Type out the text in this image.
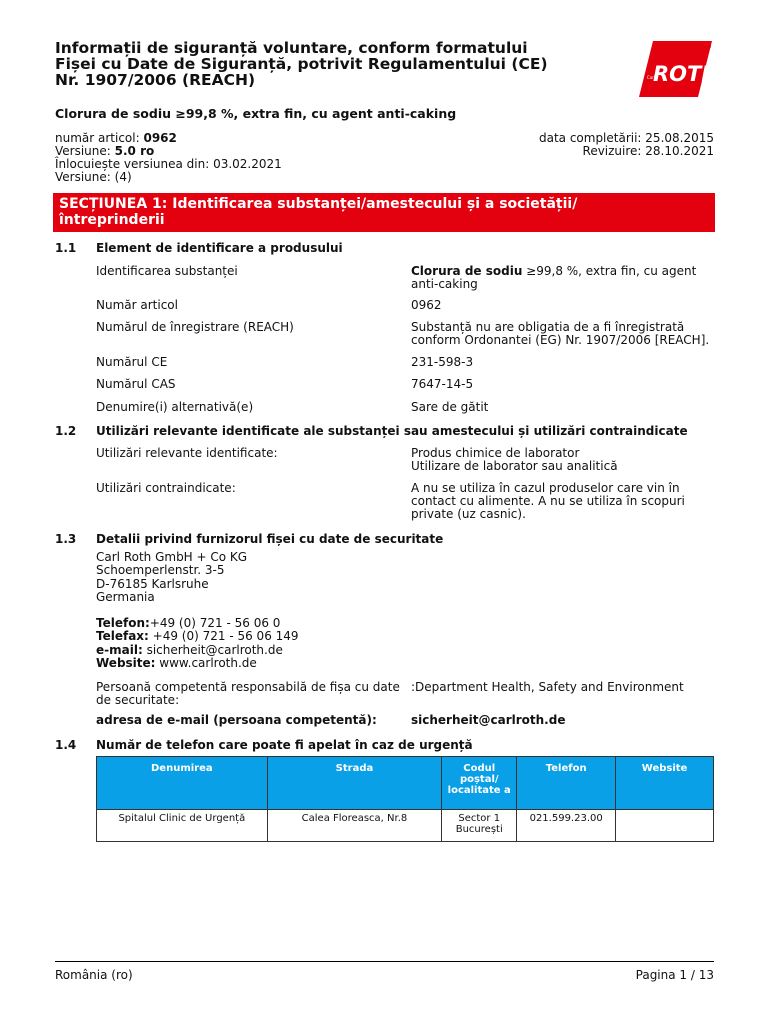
Informații de siguranță voluntare, conform formatului
Fișei cu Date de Siguranță, potrivit Regulamentului (CE)
Nr. 1907/2006 (REACH)
®
Carl
ROTH
Clorura de sodiu ≥99,8 %, extra fin, cu agent anti-caking
număr articol: 0962
Versiune: 5.0 ro
Înlocuiește versiunea din: 03.02.2021
Versiune: (4)
data completării: 25.08.2015
Revizuire: 28.10.2021
SECȚIUNEA 1: Identificarea substanței/amestecului și a societății/
întreprinderii
1.1 Element de identificare a produsului
Identificarea substanței	Clorura de sodiu ≥99,8 %, extra fin, cu agent anti-caking
Număr articol	0962
Numărul de înregistrare (REACH)	Substanță nu are obligatia de a fi înregistrată conform Ordonantei (EG) Nr. 1907/2006 [REACH].
Numărul CE	231-598-3
Numărul CAS	7647-14-5
Denumire(i) alternativă(e)	Sare de gătit
1.2 Utilizări relevante identificate ale substanței sau amestecului și utilizări contraindicate
Utilizări relevante identificate:	Produs chimice de laborator
Utilizare de laborator sau analitică
Utilizări contraindicate:	A nu se utiliza în cazul produselor care vin în contact cu alimente. A nu se utiliza în scopuri private (uz casnic).
1.3 Detalii privind furnizorul fișei cu date de securitate
Carl Roth GmbH + Co KG
Schoemperlenstr. 3-5
D-76185 Karlsruhe
Germania
Telefon:+49 (0) 721 - 56 06 0
Telefax: +49 (0) 721 - 56 06 149
e-mail: sicherheit@carlroth.de
Website: www.carlroth.de
Persoană competentă responsabilă de fișa cu date de securitate:
:Department Health, Safety and Environment
adresa de e-mail (persoana competentă):	sicherheit@carlroth.de
1.4 Număr de telefon care poate fi apelat în caz de urgență
Denumirea	Strada	Codul poștal/ localitate a	Telefon	Website
Spitalul Clinic de Urgență	Calea Floreasca, Nr.8	Sector 1 București	021.599.23.00	
România (ro)	Pagina 1 / 13
